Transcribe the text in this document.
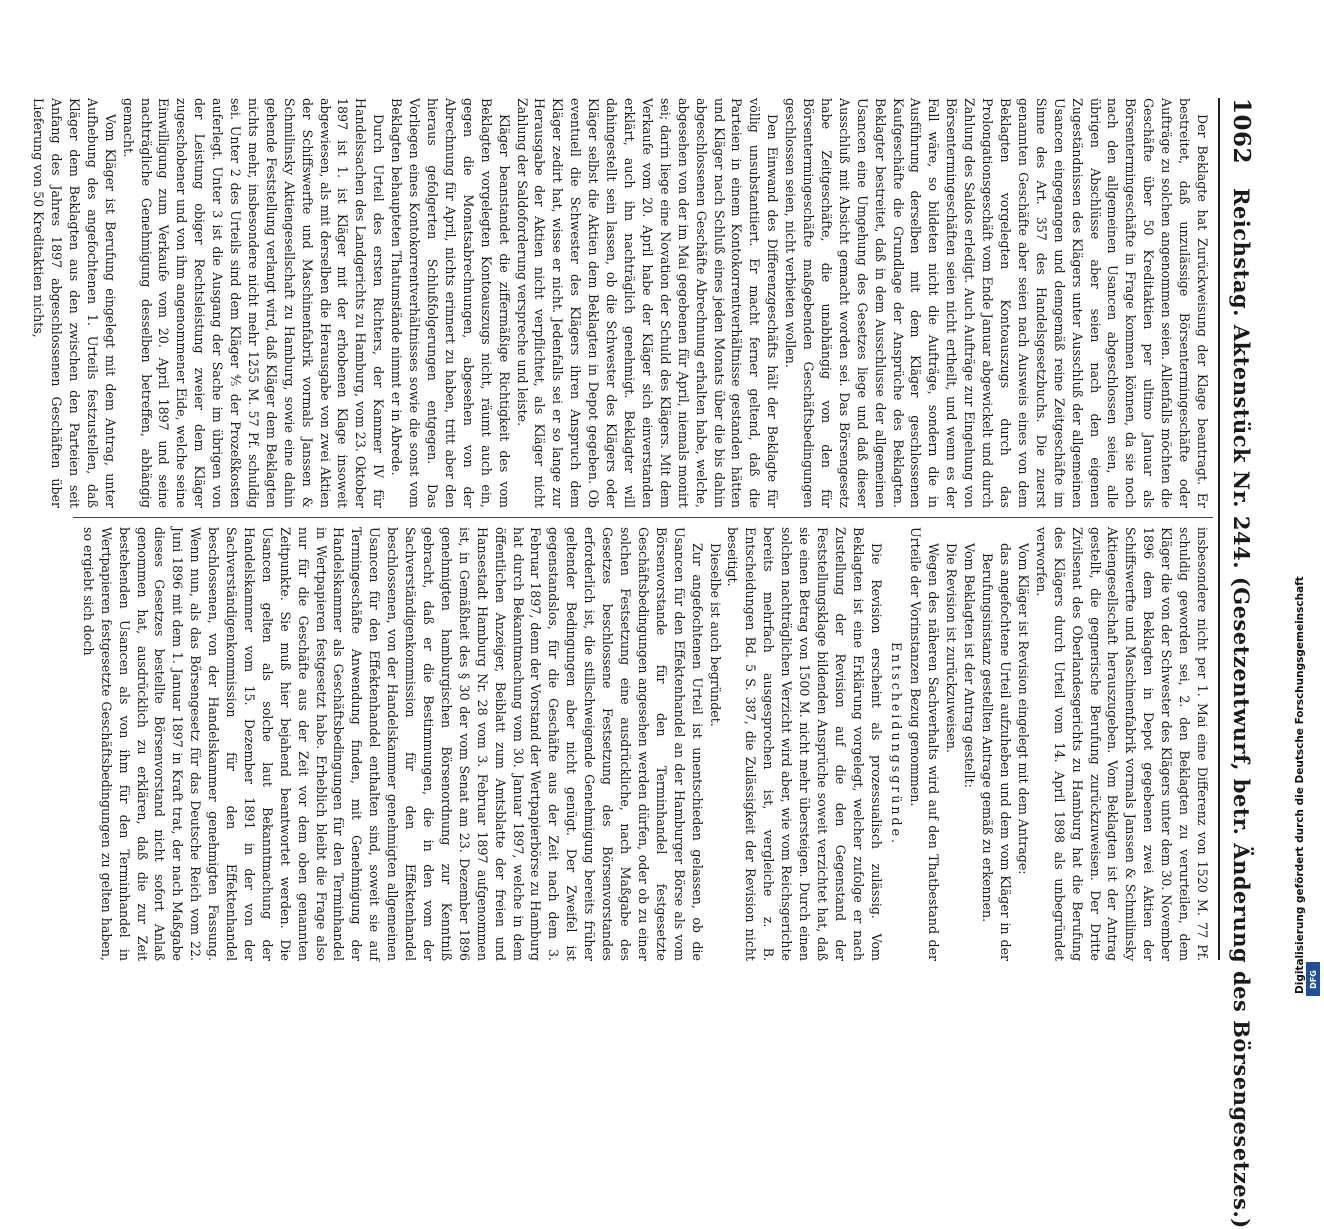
1062
Reichstag. Aktenstück Nr. 244. (Gesetzentwurf, betr. Änderung des Börsengesetzes.)

Der Beklagte hat Zurückweisung der Klage beantragt. Er bestreitet, daß unzulässige Börsentermingeschäfte oder Aufträge zu solchen angenommen seien. Allenfalls möchten die Geschäfte über 50 Kreditaktien per ultimo Januar als Börsentermingeschäfte in Frage kommen können, da sie noch nach den allgemeinen Usancen abgeschlossen seien, alle übrigen Abschlüsse aber seien nach den eigenen Zugeständnissen des Klägers unter Ausschluß der allgemeinen Usancen eingegangen und demgemäß reine Zeitgeschäfte im Sinne des Art. 357 des Handelsgesetzbuchs. Die zuerst genannten Geschäfte aber seien nach Ausweis eines von dem Beklagten vorgelegten Kontoauszugs durch das Prolongationsgeschäft vom Ende Januar abgewickelt und durch Zahlung des Saldos erledigt. Auch Aufträge zur Eingehung von Börsentermingeschäften seien nicht ertheilt, und wenn es der Fall wäre, so bildeten nicht die Aufträge, sondern die in Ausführung derselben mit dem Kläger geschlossenen Kaufgeschäfte die Grundlage der Ansprüche des Beklagten. Beklagter bestreitet, daß in dem Ausschlusse der allgemeinen Usancen eine Umgehung des Gesetzes liege und daß dieser Ausschluß mit Absicht gemacht worden sei. Das Börsengesetz habe Zeitgeschäfte, die unabhängig von den für Börsentermingeschäfte maßgebenden Geschäftsbedingungen geschlossen seien, nicht verbieten wollen.

Den Einwand des Differenzgeschäfts hält der Beklagte für völlig unsubstantiiert. Er macht ferner geltend, daß die Parteien in einem Kontokorrentverhältnisse gestanden hätten und Kläger nach Schluß eines jeden Monats über die bis dahin abgeschlossenen Geschäfte Abrechnung erhalten habe, welche, abgesehen von der im Mai gegebenen für April, niemals monirt sei; darin liege eine Novation der Schuld des Klägers. Mit dem Verkaufe vom 20. April habe der Kläger sich einverstanden erklärt, auch ihn nachträglich genehmigt. Beklagter will dahingestellt sein lassen, ob die Schwester des Klägers oder Kläger selbst die Aktien dem Beklagten in Depot gegeben. Ob eventuell die Schwester des Klägers ihren Anspruch dem Kläger zedirt hat, wisse er nicht. Jedenfalls sei er so lange zur Herausgabe der Aktien nicht verpflichtet, als Kläger nicht Zahlung der Saldoforderung verspreche und leiste.

Kläger beanstandet die ziffermäßige Richtigkeit des vom Beklagten vorgelegten Kontoauszugs nicht, räumt auch ein, gegen die Monatsabrechnungen, abgesehen von der Abrechnung für April, nichts erinnert zu haben, tritt aber den hieraus gefolgerten Schlußfolgerungen entgegen. Das Vorliegen eines Kontokorrentverhältnisses sowie die sonst vom Beklagten behaupteten Thatumstände nimmt er in Abrede.

Durch Urteil des ersten Richters, der Kammer IV für Handelssachen des Landgerichts zu Hamburg, vom 23. Oktober 1897 ist 1. ist Kläger mit der erhobenen Klage insoweit abgewiesen, als mit derselben die Herausgabe von zwei Aktien der Schiffswerfte und Maschinenfabrik vormals Janssen & Schmilinsky Aktiengesellschaft zu Hamburg, sowie eine dahin gehende Feststellung verlangt wird, daß Kläger dem Beklagten nichts mehr, insbesondere nicht mehr 1255 M. 57 Pf. schuldig sei. Unter 2 des Urteils sind dem Kläger ⅘ der Prozeßkosten auferlegt. Unter 3 ist die Ausgang der Sache im übrigen von der Leistung obiger Rechtsleistung zweier dem Kläger zugeschobener und von ihm angenommener Eide, welche seine Einwilligung zum Verkaufe vom 20. April 1897 und seine nachträgliche Genehmigung desselben betreffen, abhängig gemacht.

Vom Kläger ist Berufung eingelegt mit dem Antrag, unter Aufhebung des angefochtenen 1. Urteils festzustellen, daß Kläger dem Beklagten aus den zwischen den Parteien seit Anfang des Jahres 1897 abgeschlossenen Geschäften über Lieferung von 50 Kreditaktien nichts,

insbesondere nicht per 1. Mai eine Differenz von 1520 M. 77 Pf. schuldig geworden sei, 2. den Beklagten zu verurteilen, dem Kläger die von der Schwester des Klägers unter dem 30. November 1896 dem Beklagten in Depot gegebenen zwei Aktien der Schiffswerfte und Maschinenfabrik vormals Janssen & Schmilinsky Aktiengesellschaft herauszugeben. Vom Beklagten ist der Antrag gestellt, die gegnerische Berufung zurückzuweisen. Der Dritte Zivilsenat des Oberlandesgerichts zu Hamburg hat die Berufung des Klägers durch Urteil vom 14. April 1898 als unbegründet verworfen.

Vom Kläger ist Revision eingelegt mit dem Antrage:

das angefochtene Urteil aufzuheben und dem vom Kläger in der Berufungsinstanz gestellten Antrage gemäß zu erkennen.

Vom Beklagten ist der Antrag gestellt:

Die Revision ist zurückzuweisen.

Wegen des näheren Sachverhalts wird auf den Thatbestand der Urteile der Vorinstanzen Bezug genommen.

Entscheidungsgründe.

Die Revision erscheint als prozessualisch zulässig. Vom Beklagten ist eine Erklärung vorgelegt, welcher zufolge er nach Zustellung der Revision auf die den Gegenstand der Feststellungsklage bildenden Ansprüche soweit verzichtet hat, daß sie einen Betrag von 1500 M. nicht mehr übersteigen. Durch einen solchen nachträglichen Verzicht wird aber, wie vom Reichsgerichte bereits mehrfach ausgesprochen ist, vergleiche z. B. Entscheidungen Bd. 5 S. 387, die Zulässigkeit der Revision nicht beseitigt.

Dieselbe ist auch begründet.

Zur angefochtenen Urteil ist unentschieden gelassen, ob die Usancen für den Effektenhandel an der Hamburger Börse als vom Börsenvorstande für den Terminhandel festgesetzte Geschäftsbedingungen angesehen werden dürfen, oder ob zu einer solchen Festsetzung eine ausdrückliche, nach Maßgabe des Gesetzes beschlossene Festsetzung des Börsenvorstandes erforderlich ist, die stillschweigende Genehmigung bereits früher geltender Bedingungen aber nicht genügt. Der Zweifel ist gegenstandslos, für die Geschäfte aus der Zeit nach dem 3. Februar 1897, denn der Vorstand der Wertpapierbörse zu Hamburg hat durch Bekanntmachung vom 30. Januar 1897, welche in dem öffentlichen Anzeiger, Beiblatt zum Amtsblatte der freien und Hansestadt Hamburg Nr. 28 vom 3. Februar 1897 aufgenommen ist, in Gemäßheit des § 30 der vom Senat am 23. Dezember 1896 genehmigten hamburgischen Börsenordnung zur Kenntniß gebracht, daß er die Bestimmungen, die in den vom der Sachverständigenkommission für den Effektenhandel beschlossenen, von der Handelskammer genehmigten allgemeinen Usancen für den Effektenhandel enthalten sind, soweit sie auf Termingeschäfte Anwendung finden, mit Genehmigung der Handelskammer als Geschäftsbedingungen für den Terminhandel in Wertpapieren festgesetzt habe. Erheblich bleibt die Frage also nur für die Geschäfte aus der Zeit vor dem oben genannten Zeitpunkte. Sie muß hier bejahend beantwortet werden. Die Usancen gelten als solche laut Bekanntmachung der Handelskammer vom 15. Dezember 1891 in der von der Sachverständigenkommission für den Effektenhandel beschlossenen, von der Handelskammer genehmigten Fassung. Wenn nun, als das Börsengesetz für das Deutsche Reich vom 22. Juni 1896 mit dem 1. Januar 1897 in Kraft trat, der nach Maßgabe dieses Gesetzes bestellte Börsenvorstand nicht sofort Anlaß genommen hat, ausdrücklich zu erklären, daß die zur Zeit bestehenden Usancen als von ihm für den Terminhandel in Wertpapieren festgesetzte Geschäftsbedingungen zu gelten haben, so ergiebt sich doch	Digitalisierung gefördert durch die Deutsche Forschungsgemeinschaft DFG
